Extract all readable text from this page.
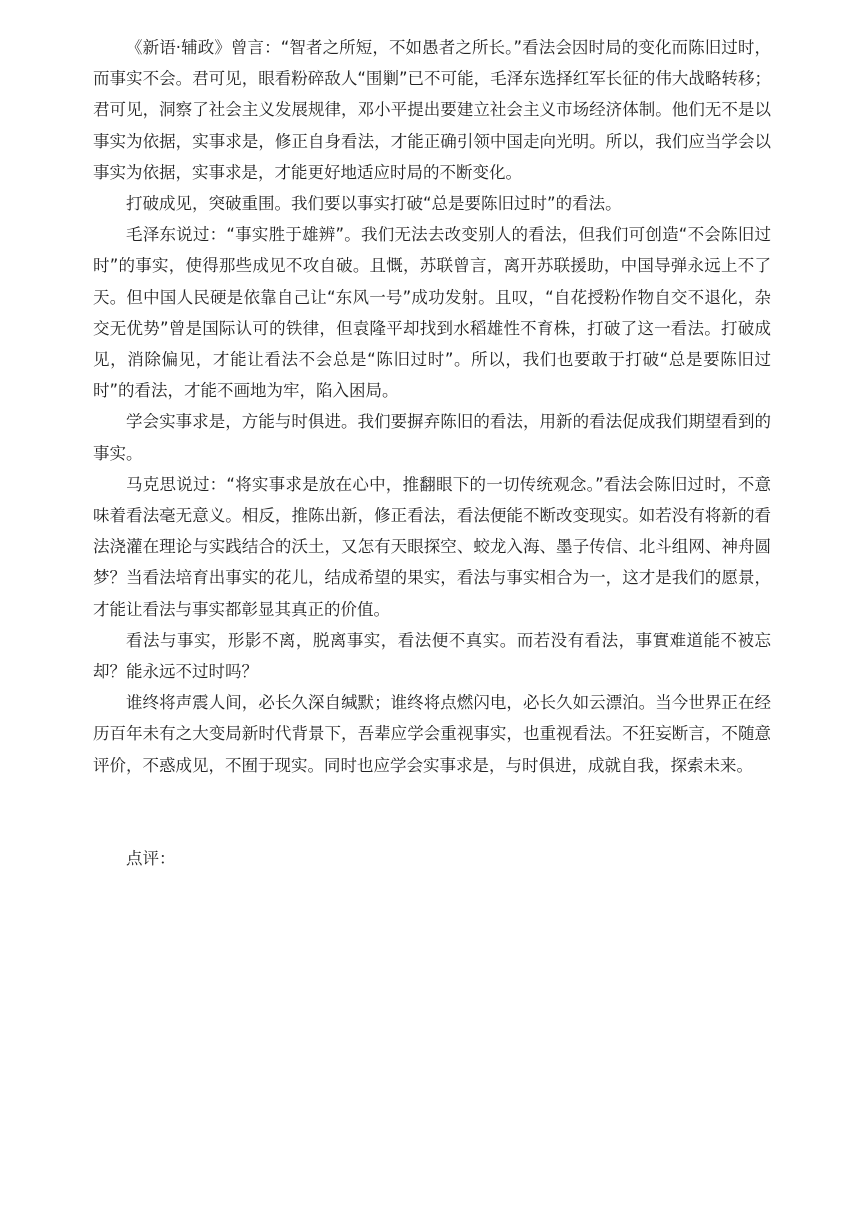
《新语·辅政》曾言：“智者之所短，不如愚者之所长。”看法会因时局的变化而陈旧过时，而事实不会。君可见，眼看粉碎敌人“围剿”已不可能，毛泽东选择红军长征的伟大战略转移；君可见，洞察了社会主义发展规律，邓小平提出要建立社会主义市场经济体制。他们无不是以事实为依据，实事求是，修正自身看法，才能正确引领中国走向光明。所以，我们应当学会以事实为依据，实事求是，才能更好地适应时局的不断变化。

打破成见，突破重围。我们要以事实打破“总是要陈旧过时”的看法。

毛泽东说过：“事实胜于雄辨”。我们无法去改变别人的看法，但我们可创造“不会陈旧过时”的事实，使得那些成见不攻自破。且慨，苏联曾言，离开苏联援助，中国导弹永远上不了天。但中国人民硬是依靠自己让“东风一号”成功发射。且叹，“自花授粉作物自交不退化，杂交无优势”曾是国际认可的铁律，但袁隆平却找到水稻雄性不育株，打破了这一看法。打破成见，消除偏见，才能让看法不会总是“陈旧过时”。所以，我们也要敢于打破“总是要陈旧过时”的看法，才能不画地为牢，陷入困局。

学会实事求是，方能与时俱进。我们要摒弃陈旧的看法，用新的看法促成我们期望看到的事实。

马克思说过：“将实事求是放在心中，推翻眼下的一切传统观念。”看法会陈旧过时，不意味着看法毫无意义。相反，推陈出新，修正看法，看法便能不断改变现实。如若没有将新的看法浇灌在理论与实践结合的沃土，又怎有天眼探空、蛟龙入海、墨子传信、北斗组网、神舟圆梦？当看法培育出事实的花儿，结成希望的果实，看法与事实相合为一，这才是我们的愿景，才能让看法与事实都彰显其真正的价值。

看法与事实，形影不离，脱离事实，看法便不真实。而若没有看法，事實难道能不被忘却？能永远不过时吗？

谁终将声震人间，必长久深自缄默；谁终将点燃闪电，必长久如云漂泊。当今世界正在经历百年未有之大变局新时代背景下，吾辈应学会重视事实，也重视看法。不狂妄断言，不随意评价，不惑成见，不囿于现实。同时也应学会实事求是，与时俱进，成就自我，探索未来。

点评：
